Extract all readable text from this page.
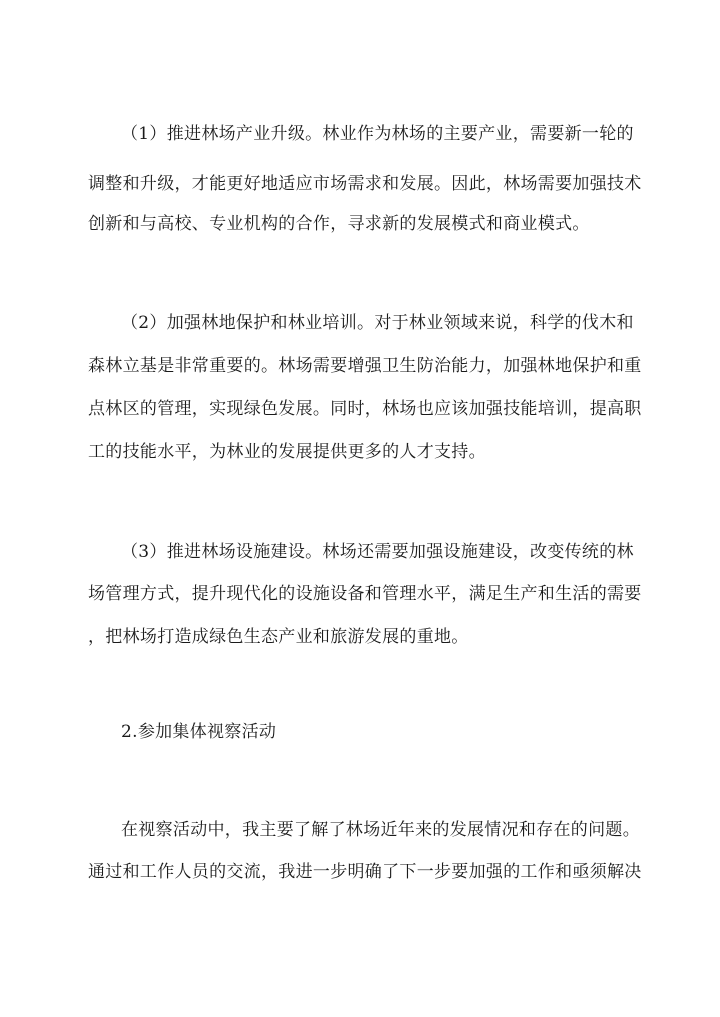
（1）推进林场产业升级。林业作为林场的主要产业，需要新一轮的
调整和升级，才能更好地适应市场需求和发展。因此，林场需要加强技术
创新和与高校、专业机构的合作，寻求新的发展模式和商业模式。
（2）加强林地保护和林业培训。对于林业领域来说，科学的伐木和
森林立基是非常重要的。林场需要增强卫生防治能力，加强林地保护和重
点林区的管理，实现绿色发展。同时，林场也应该加强技能培训，提高职
工的技能水平，为林业的发展提供更多的人才支持。
（3）推进林场设施建设。林场还需要加强设施建设，改变传统的林
场管理方式，提升现代化的设施设备和管理水平，满足生产和生活的需要
，把林场打造成绿色生态产业和旅游发展的重地。
2.参加集体视察活动
在视察活动中，我主要了解了林场近年来的发展情况和存在的问题。
通过和工作人员的交流，我进一步明确了下一步要加强的工作和亟须解决
